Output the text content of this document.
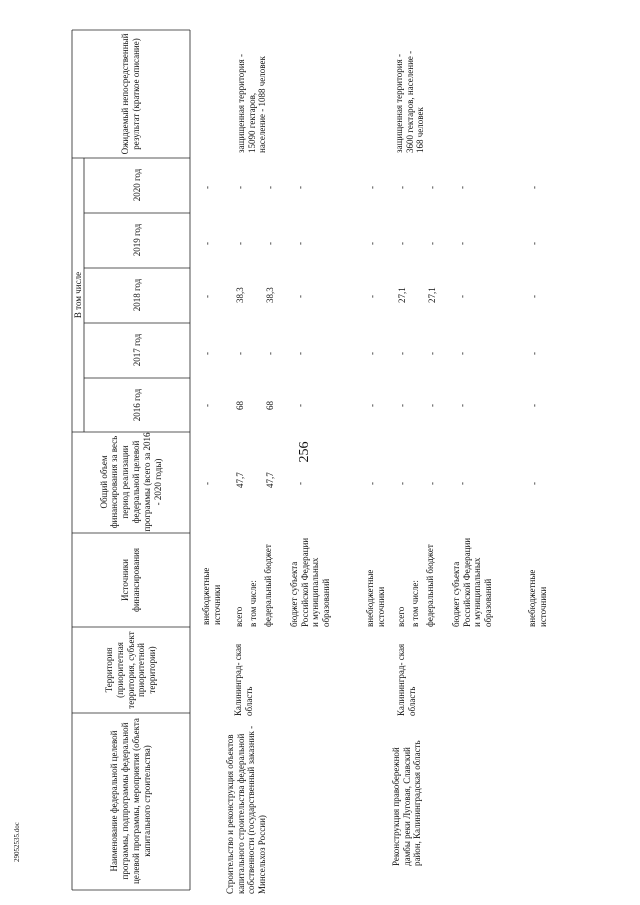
256
29052535.doc	Наименование федеральной целевой программы, подпрограммы федеральной целевой программы, мероприятия (объекта капитального строительства)
Территория (приоритетная территория, субъект приоритетной территории)
Источники финансирования
Общий объем финансирования за весь период реализации федеральной целевой программы (всего за 2016 - 2020 годы)
В том числе
2016 год
2017 год
2018 год
2019 год
2020 год
Ожидаемый непосредственный результат (краткое описание)
внебюджетные источники
-
-
-
-
-
-
Строительство и реконструкция объектов капитального строительства федеральной собственности (государственный заказник - Минсельхоз России)
Калининград- ская область
всего
47,7
68
-
38,3
-
-
в том числе: федеральный бюджет
47,7
68
-
38,3
-
-
бюджет субъекта Российской Федерации и муниципальных образований
-
-
-
-
-
-
внебюджетные источники
-
-
-
-
-
-
защищенная территория - 15090 гектаров, население - 1088 человек
Реконструкция правобережной дамбы реки Луговая, Славский район, Калининградская область
Калининград- ская область
всего
-
-
-
27,1
-
-
в том числе: федеральный бюджет
-
-
-
27,1
-
-
бюджет субъекта Российской Федерации и муниципальных образований
-
-
-
-
-
-
внебюджетные источники
-
-
-
-
-
-
защищенная территория - 3600 гектаров, население - 168 человек
